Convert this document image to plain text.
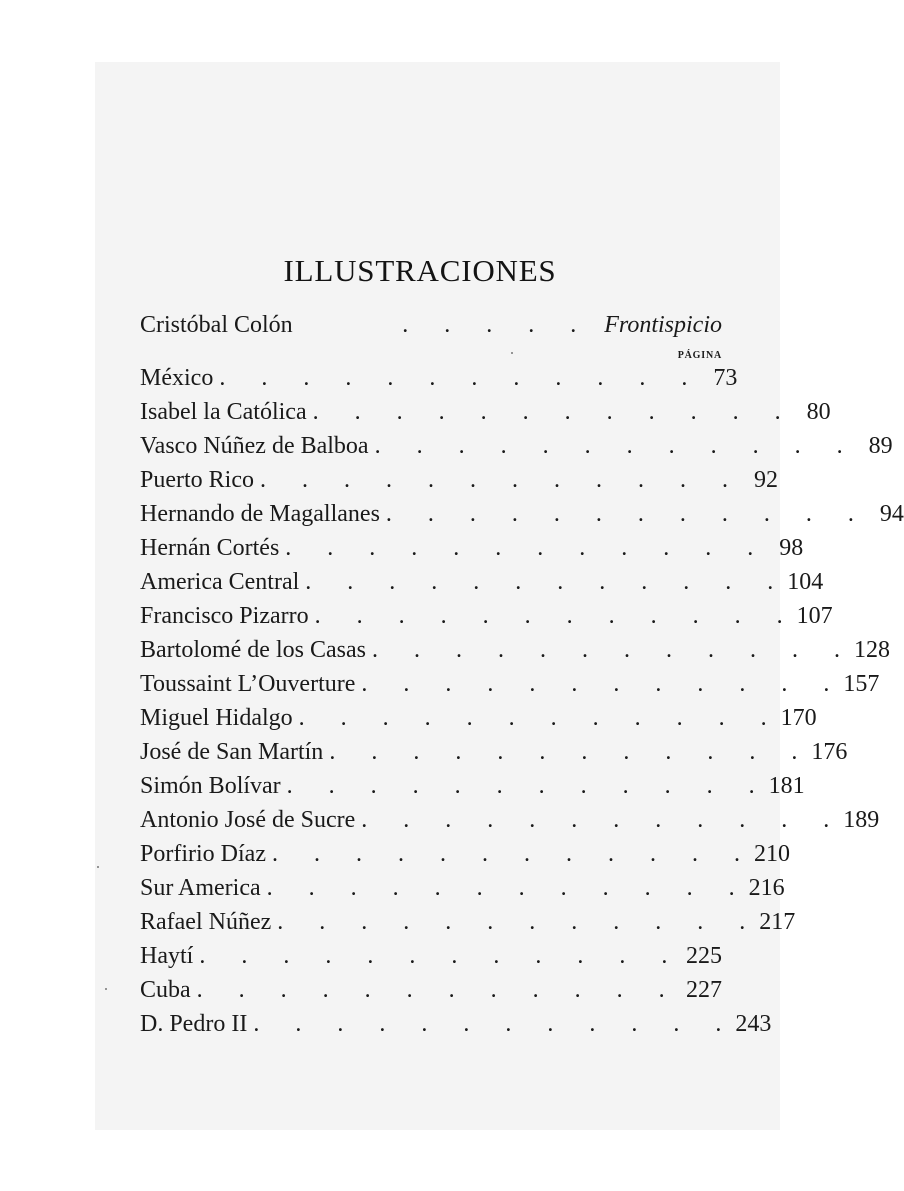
ILLUSTRACIONES
Cristóbal Colón	.      .      .      .      .	Frontispicio
PÁGINA
México .      .      .      .      .      .      .      .      .      .      .      .	73
Isabel la Católica .      .      .      .      .      .      .      .      .      .      .      .	80
Vasco Núñez de Balboa .      .      .      .      .      .      .      .      .      .      .      .	89
Puerto Rico .      .      .      .      .      .      .      .      .      .      .      .	92
Hernando de Magallanes .      .      .      .      .      .      .      .      .      .      .      .	94
Hernán Cortés .      .      .      .      .      .      .      .      .      .      .      .	98
America Central .      .      .      .      .      .      .      .      .      .      .      . 104
Francisco Pizarro .      .      .      .      .      .      .      .      .      .      .      . 107
Bartolomé de los Casas .      .      .      .      .      .      .      .      .      .      .      . 128
Toussaint L’Ouverture .      .      .      .      .      .      .      .      .      .      .      . 157
Miguel Hidalgo .      .      .      .      .      .      .      .      .      .      .      . 170
José de San Martín .      .      .      .      .      .      .      .      .      .      .      . 176
Simón Bolívar .      .      .      .      .      .      .      .      .      .      .      . 181
Antonio José de Sucre .      .      .      .      .      .      .      .      .      .      .      . 189
Porfirio Díaz .      .      .      .      .      .      .      .      .      .      .      . 210
Sur America .      .      .      .      .      .      .      .      .      .      .      . 216
Rafael Núñez .      .      .      .      .      .      .      .      .      .      .      . 217
Haytí .      .      .      .      .      .      .      .      .      .      .      . 225
Cuba .      .      .      .      .      .      .      .      .      .      .      . 227
D. Pedro II .      .      .      .      .      .      .      .      .      .      .      . 243
